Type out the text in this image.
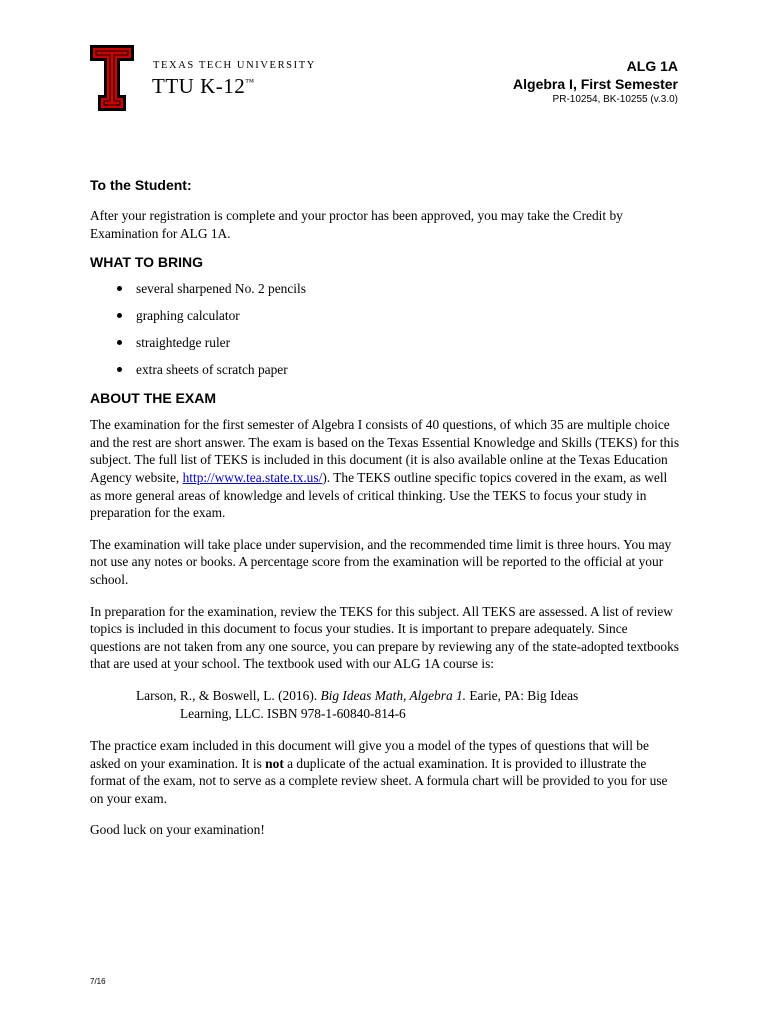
TEXAS TECH UNIVERSITY
TTU K-12™
ALG 1A
Algebra I, First Semester
PR-10254, BK-10255 (v.3.0)
To the Student:

After your registration is complete and your proctor has been approved, you may take the Credit by Examination for ALG 1A.

WHAT TO BRING
several sharpened No. 2 pencils
graphing calculator
straightedge ruler
extra sheets of scratch paper
ABOUT THE EXAM

The examination for the first semester of Algebra I consists of 40 questions, of which 35 are multiple choice and the rest are short answer. The exam is based on the Texas Essential Knowledge and Skills (TEKS) for this subject. The full list of TEKS is included in this document (it is also available online at the Texas Education Agency website, http://www.tea.state.tx.us/). The TEKS outline specific topics covered in the exam, as well as more general areas of knowledge and levels of critical thinking. Use the TEKS to focus your study in preparation for the exam.

The examination will take place under supervision, and the recommended time limit is three hours. You may not use any notes or books. A percentage score from the examination will be reported to the official at your school.

In preparation for the examination, review the TEKS for this subject. All TEKS are assessed. A list of review topics is included in this document to focus your studies. It is important to prepare adequately. Since questions are not taken from any one source, you can prepare by reviewing any of the state-adopted textbooks that are used at your school. The textbook used with our ALG 1A course is:

Larson, R., & Boswell, L. (2016). Big Ideas Math, Algebra 1. Earie, PA: Big Ideas
Learning, LLC. ISBN 978-1-60840-814-6

The practice exam included in this document will give you a model of the types of questions that will be asked on your examination. It is not a duplicate of the actual examination. It is provided to illustrate the format of the exam, not to serve as a complete review sheet. A formula chart will be provided to you for use on your exam.

Good luck on your examination!

7/16
